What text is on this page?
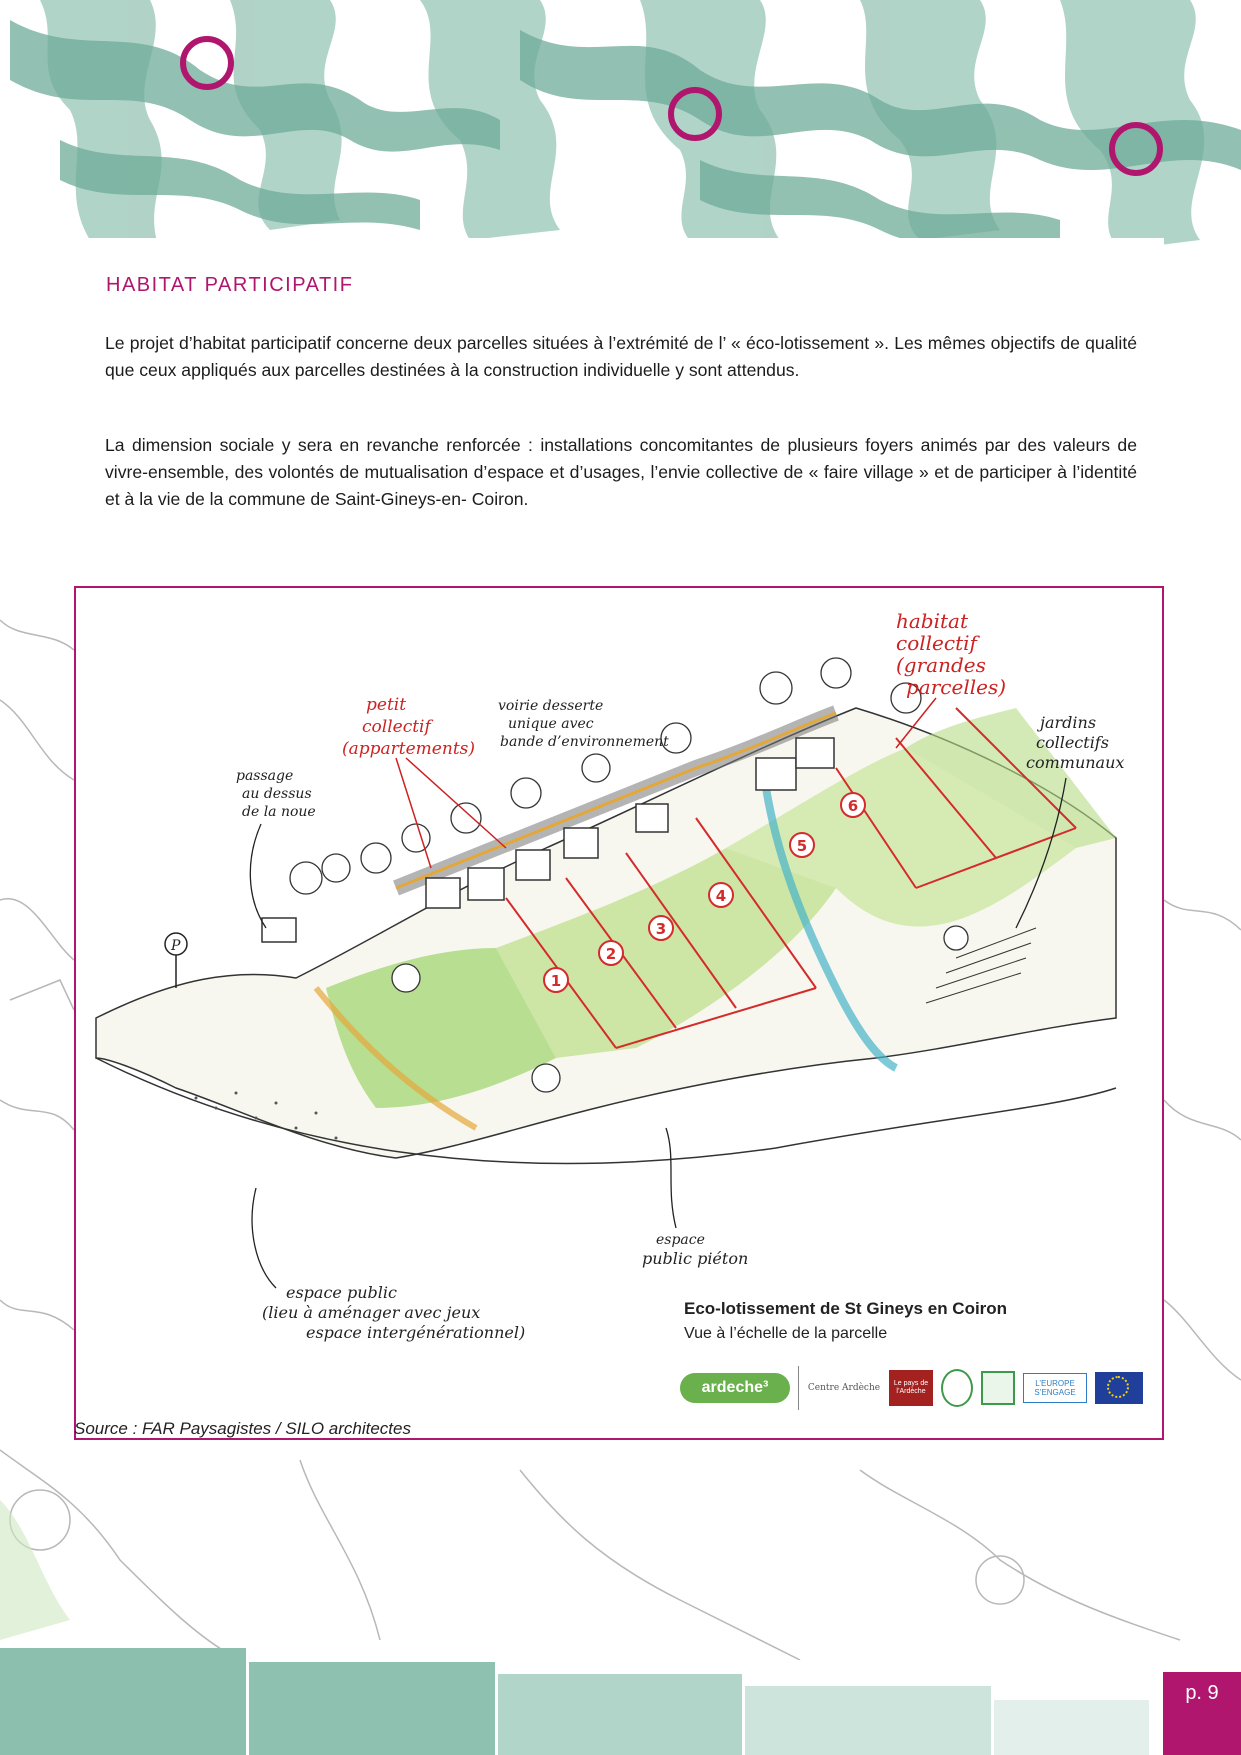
HABITAT PARTICIPATIF

Le projet d’habitat participatif concerne deux parcelles situées à l’extrémité de l’ « éco-lotissement ». Les mêmes objectifs de qualité que ceux appliqués aux parcelles destinées à la construction individuelle y sont attendus.

La dimension sociale y sera en revanche renforcée : installations concomitantes de plusieurs foyers animés par des valeurs de vivre-ensemble, des volontés de mutualisation d’espace et d’usages, l’envie collective de « faire village » et de participer à l’identité et à la vie de la commune de Saint-Gineys-en- Coiron.

1
2
3
4
5
6
P
habitat
collectif
(grandes
parcelles)
petit
collectif
(appartements)
voirie desserte
unique avec
bande d’environnement
passage
au dessus
de la noue
jardins
collectifs
communaux
espace public
(lieu à aménager avec jeux
espace intergénérationnel)
espace
public piéton

Eco-lotissement de St Gineys en Coiron

Vue à l’échelle de la parcelle

ardeche³	Centre Ardèche	Le pays de l’Ardèche
L’EUROPE S’ENGAGE

Source : FAR Paysagistes / SILO architectes

p. 9
